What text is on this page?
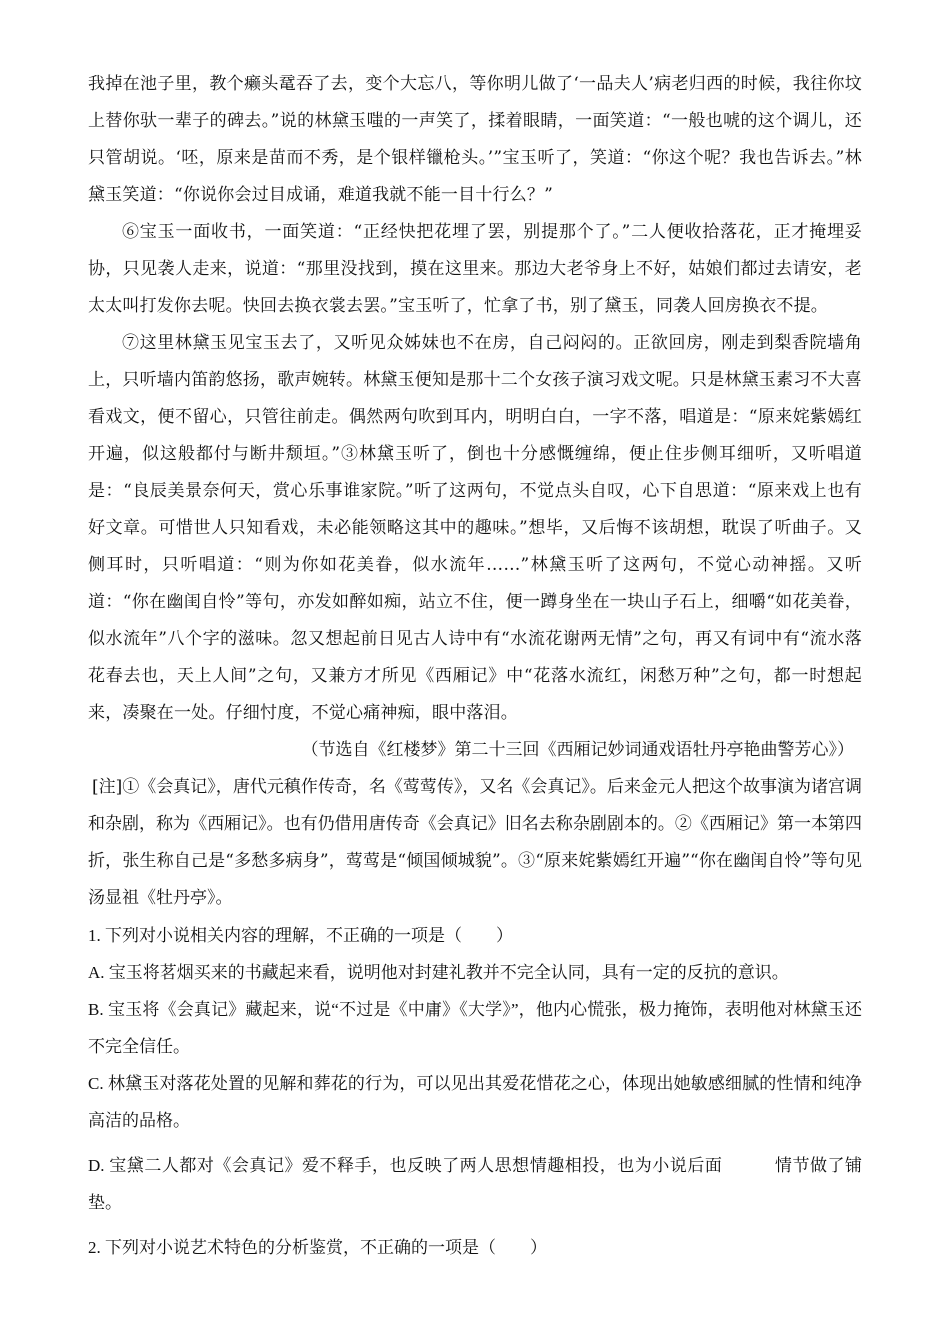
我掉在池子里，教个癞头鼋吞了去，变个大忘八，等你明儿做了‘一品夫人’病老归西的时候，我往你坟上替你驮一辈子的碑去。”说的林黛玉嗤的一声笑了，揉着眼睛，一面笑道：“一般也唬的这个调儿，还只管胡说。‘呸，原来是苗而不秀，是个银样镴枪头。’”宝玉听了，笑道：“你这个呢？我也告诉去。”林黛玉笑道：“你说你会过目成诵，难道我就不能一目十行么？”

⑥宝玉一面收书，一面笑道：“正经快把花埋了罢，别提那个了。”二人便收拾落花，正才掩埋妥协，只见袭人走来，说道：“那里没找到，摸在这里来。那边大老爷身上不好，姑娘们都过去请安，老太太叫打发你去呢。快回去换衣裳去罢。”宝玉听了，忙拿了书，别了黛玉，同袭人回房换衣不提。

⑦这里林黛玉见宝玉去了，又听见众姊妹也不在房，自己闷闷的。正欲回房，刚走到梨香院墙角上，只听墙内笛韵悠扬，歌声婉转。林黛玉便知是那十二个女孩子演习戏文呢。只是林黛玉素习不大喜看戏文，便不留心，只管往前走。偶然两句吹到耳内，明明白白，一字不落，唱道是：“原来姹紫嫣红开遍，似这般都付与断井颓垣。”③林黛玉听了，倒也十分感慨缠绵，便止住步侧耳细听，又听唱道是：“良辰美景奈何天，赏心乐事谁家院。”听了这两句，不觉点头自叹，心下自思道：“原来戏上也有好文章。可惜世人只知看戏，未必能领略这其中的趣味。”想毕，又后悔不该胡想，耽误了听曲子。又侧耳时，只听唱道：“则为你如花美眷，似水流年……”林黛玉听了这两句，不觉心动神摇。又听道：“你在幽闺自怜”等句，亦发如醉如痴，站立不住，便一蹲身坐在一块山子石上，细嚼“如花美眷，似水流年”八个字的滋味。忽又想起前日见古人诗中有“水流花谢两无情”之句，再又有词中有“流水落花春去也，天上人间”之句，又兼方才所见《西厢记》中“花落水流红，闲愁万种”之句，都一时想起来，凑聚在一处。仔细忖度，不觉心痛神痴，眼中落泪。

（节选自《红楼梦》第二十三回《西厢记妙词通戏语牡丹亭艳曲警芳心》）

[注]①《会真记》，唐代元稹作传奇，名《莺莺传》，又名《会真记》。后来金元人把这个故事演为诸宫调和杂剧，称为《西厢记》。也有仍借用唐传奇《会真记》旧名去称杂剧剧本的。②《西厢记》第一本第四折，张生称自己是“多愁多病身”，莺莺是“倾国倾城貌”。③“原来姹紫嫣红开遍”“你在幽闺自怜”等句见汤显祖《牡丹亭》。

1. 下列对小说相关内容的理解，不正确的一项是（　　）

A. 宝玉将茗烟买来的书藏起来看，说明他对封建礼教并不完全认同，具有一定的反抗的意识。

B. 宝玉将《会真记》藏起来，说“不过是《中庸》《大学》”，他内心慌张，极力掩饰，表明他对林黛玉还不完全信任。

C. 林黛玉对落花处置的见解和葬花的行为，可以见出其爱花惜花之心，体现出她敏感细腻的性情和纯净高洁的品格。

D. 宝黛二人都对《会真记》爱不释手，也反映了两人思想情趣相投，也为小说后面　　　情节做了铺垫。

2. 下列对小说艺术特色的分析鉴赏，不正确的一项是（　　）
